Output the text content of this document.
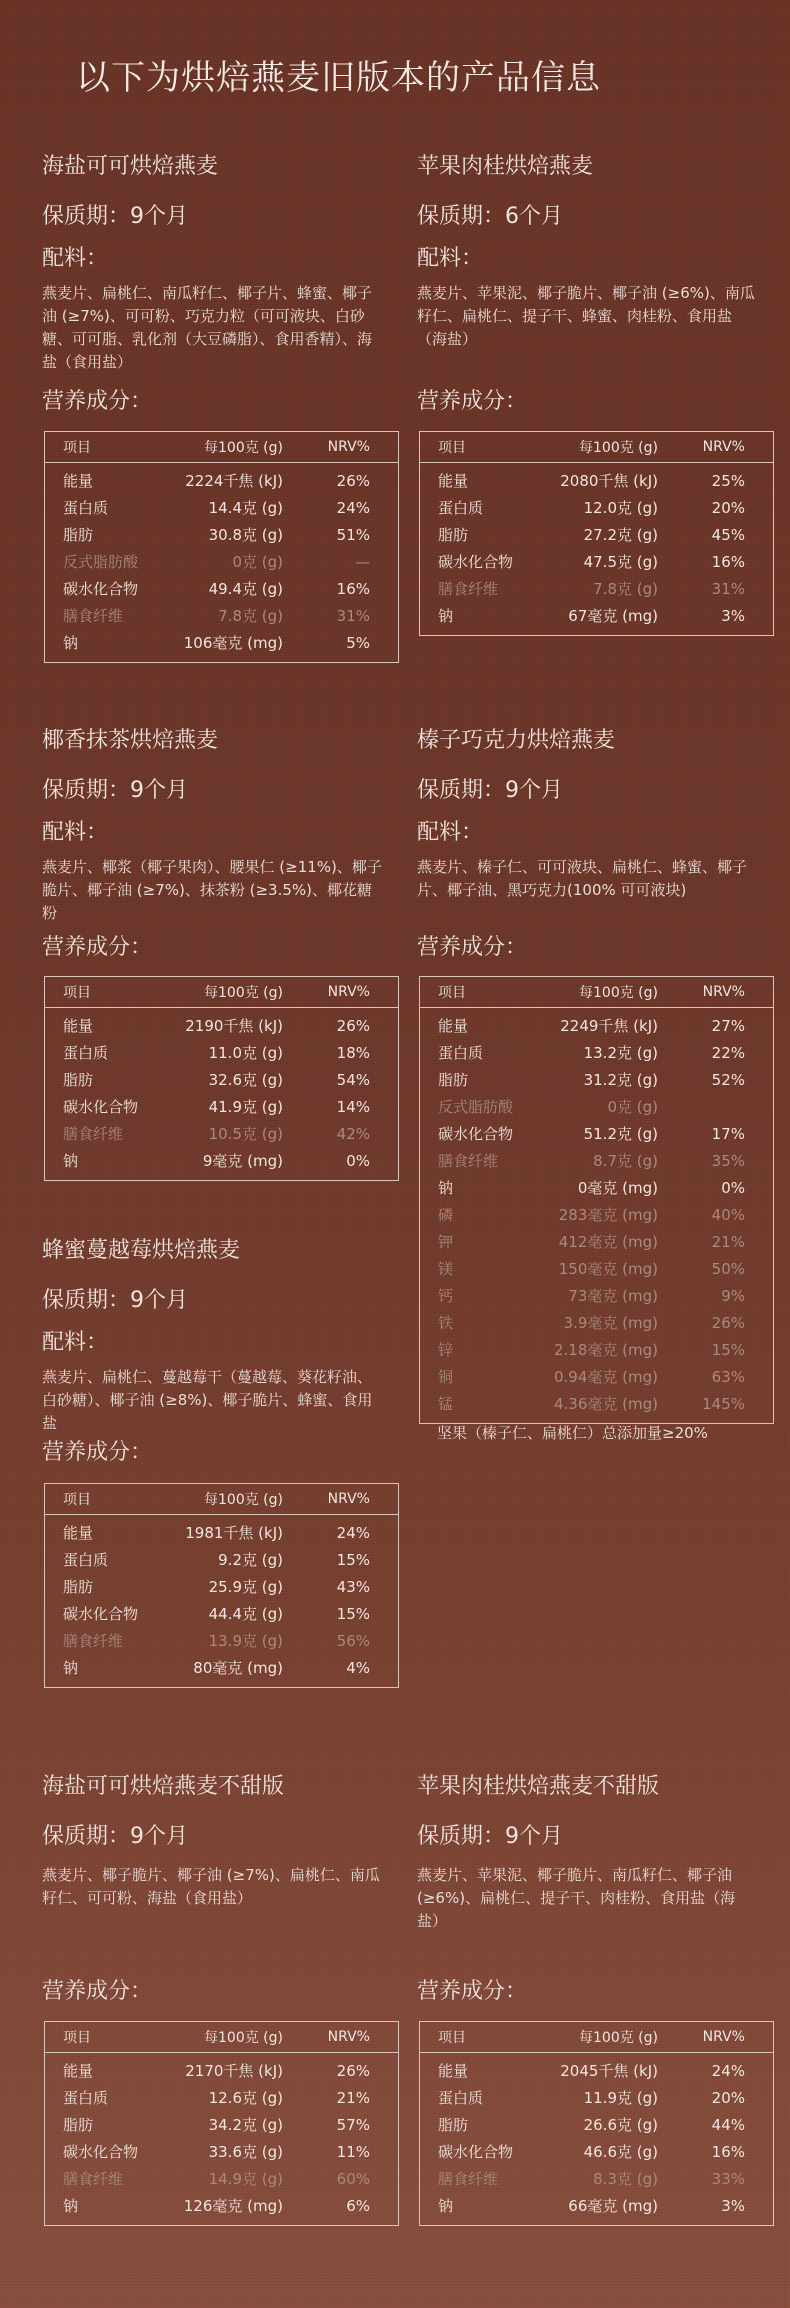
以下为烘焙燕麦旧版本的产品信息
海盐可可烘焙燕麦
保质期：9个月
配料：

燕麦片、扁桃仁、南瓜籽仁、椰子片、蜂蜜、椰子油 (≥7%)、可可粉、巧克力粒（可可液块、白砂糖、可可脂、乳化剂（大豆磷脂）、食用香精）、海盐（食用盐）

营养成分：
项目	每100克 (g)	NRV%
能量	2224千焦 (kJ)	26%
蛋白质	14.4克 (g)	24%
脂肪	30.8克 (g)	51%
反式脂肪酸	0克 (g)	—
碳水化合物	49.4克 (g)	16%
膳食纤维	7.8克 (g)	31%
钠	106毫克 (mg)	5%
苹果肉桂烘焙燕麦
保质期：6个月
配料：

燕麦片、苹果泥、椰子脆片、椰子油 (≥6%)、南瓜籽仁、扁桃仁、提子干、蜂蜜、肉桂粉、食用盐（海盐）

营养成分：
项目	每100克 (g)	NRV%
能量	2080千焦 (kJ)	25%
蛋白质	12.0克 (g)	20%
脂肪	27.2克 (g)	45%
碳水化合物	47.5克 (g)	16%
膳食纤维	7.8克 (g)	31%
钠	67毫克 (mg)	3%
椰香抹茶烘焙燕麦
保质期：9个月
配料：

燕麦片、椰浆（椰子果肉）、腰果仁 (≥11%)、椰子脆片、椰子油 (≥7%)、抹茶粉 (≥3.5%)、椰花糖粉

营养成分：
项目	每100克 (g)	NRV%
能量	2190千焦 (kJ)	26%
蛋白质	11.0克 (g)	18%
脂肪	32.6克 (g)	54%
碳水化合物	41.9克 (g)	14%
膳食纤维	10.5克 (g)	42%
钠	9毫克 (mg)	0%
榛子巧克力烘焙燕麦
保质期：9个月
配料：

燕麦片、榛子仁、可可液块、扁桃仁、蜂蜜、椰子片、椰子油、黑巧克力(100% 可可液块)

营养成分：
项目	每100克 (g)	NRV%
能量	2249千焦 (kJ)	27%
蛋白质	13.2克 (g)	22%
脂肪	31.2克 (g)	52%
反式脂肪酸	0克 (g)	
碳水化合物	51.2克 (g)	17%
膳食纤维	8.7克 (g)	35%
钠	0毫克 (mg)	0%
磷	283毫克 (mg)	40%
钾	412毫克 (mg)	21%
镁	150毫克 (mg)	50%
钙	73毫克 (mg)	9%
铁	3.9毫克 (mg)	26%
锌	2.18毫克 (mg)	15%
铜	0.94毫克 (mg)	63%
锰	4.36毫克 (mg)	145%
坚果（榛子仁、扁桃仁）总添加量≥20%
蜂蜜蔓越莓烘焙燕麦
保质期：9个月
配料：

燕麦片、扁桃仁、蔓越莓干（蔓越莓、葵花籽油、白砂糖）、椰子油 (≥8%)、椰子脆片、蜂蜜、食用盐

营养成分：
项目	每100克 (g)	NRV%
能量	1981千焦 (kJ)	24%
蛋白质	9.2克 (g)	15%
脂肪	25.9克 (g)	43%
碳水化合物	44.4克 (g)	15%
膳食纤维	13.9克 (g)	56%
钠	80毫克 (mg)	4%
海盐可可烘焙燕麦不甜版
保质期：9个月

燕麦片、椰子脆片、椰子油 (≥7%)、扁桃仁、南瓜籽仁、可可粉、海盐（食用盐）

营养成分：
项目	每100克 (g)	NRV%
能量	2170千焦 (kJ)	26%
蛋白质	12.6克 (g)	21%
脂肪	34.2克 (g)	57%
碳水化合物	33.6克 (g)	11%
膳食纤维	14.9克 (g)	60%
钠	126毫克 (mg)	6%
苹果肉桂烘焙燕麦不甜版
保质期：9个月

燕麦片、苹果泥、椰子脆片、南瓜籽仁、椰子油 (≥6%)、扁桃仁、提子干、肉桂粉、食用盐（海盐）

营养成分：
项目	每100克 (g)	NRV%
能量	2045千焦 (kJ)	24%
蛋白质	11.9克 (g)	20%
脂肪	26.6克 (g)	44%
碳水化合物	46.6克 (g)	16%
膳食纤维	8.3克 (g)	33%
钠	66毫克 (mg)	3%
